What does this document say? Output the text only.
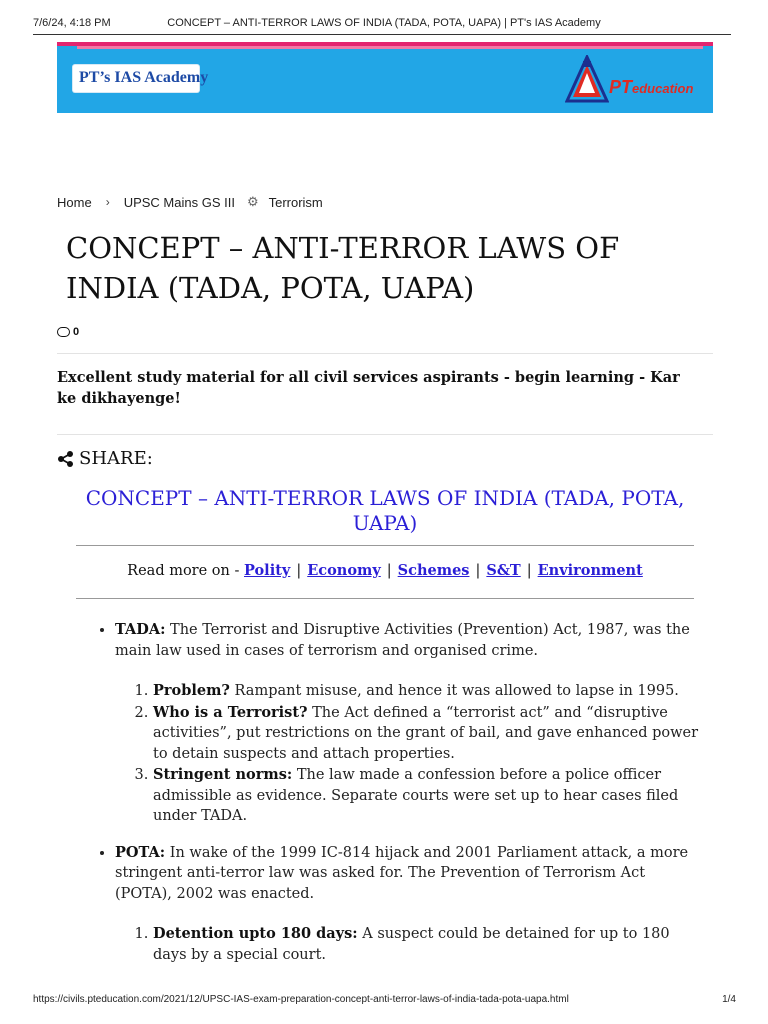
7/6/24, 4:18 PM	CONCEPT – ANTI-TERROR LAWS OF INDIA (TADA, POTA, UAPA) | PT's IAS Academy
PT’s IAS Academy	PTeducation
Home › UPSC Mains GS III ⚙ Terrorism
CONCEPT – ANTI-TERROR LAWS OF INDIA (TADA, POTA, UAPA)
0
Excellent study material for all civil services aspirants - begin learning - Kar ke dikhayenge!
SHARE:
CONCEPT – ANTI-TERROR LAWS OF INDIA (TADA, POTA, UAPA)
Read more on - Polity | Economy | Schemes | S&T | Environment
• TADA: The Terrorist and Disruptive Activities (Prevention) Act, 1987, was the main law used in cases of terrorism and organised crime.
1. Problem? Rampant misuse, and hence it was allowed to lapse in 1995.
2. Who is a Terrorist? The Act defined a “terrorist act” and “disruptive activities”, put restrictions on the grant of bail, and gave enhanced power to detain suspects and attach properties.
3. Stringent norms: The law made a confession before a police officer admissible as evidence. Separate courts were set up to hear cases filed under TADA.
• POTA: In wake of the 1999 IC-814 hijack and 2001 Parliament attack, a more stringent anti-terror law was asked for. The Prevention of Terrorism Act (POTA), 2002 was enacted.
1. Detention upto 180 days: A suspect could be detained for up to 180 days by a special court.
https://civils.pteducation.com/2021/12/UPSC-IAS-exam-preparation-concept-anti-terror-laws-of-india-tada-pota-uapa.html	1/4
